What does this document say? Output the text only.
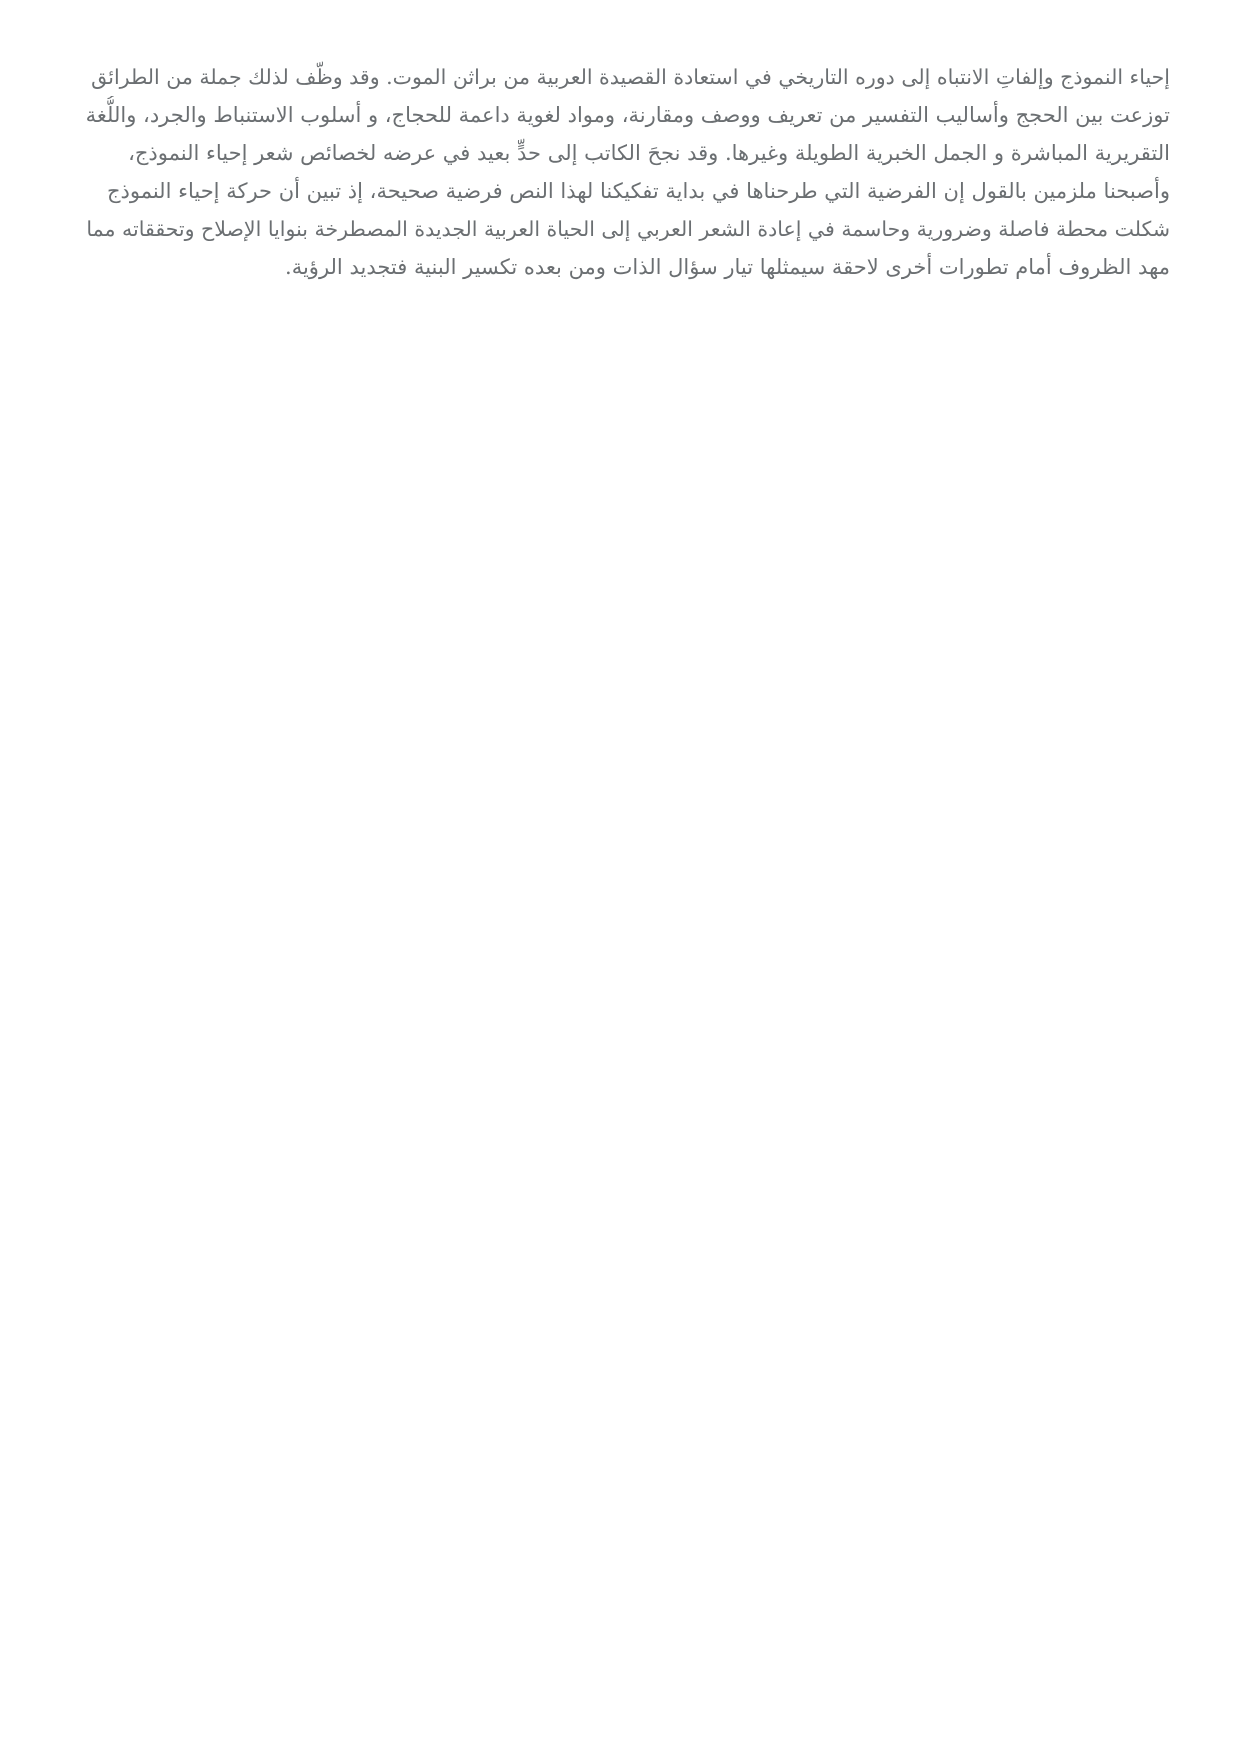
إحياء النموذج وإلفاتِ الانتباه إلى دوره التاريخي في استعادة القصيدة العربية من براثن الموت. وقد وظّف لذلك جملة من الطرائق
توزعت بين الحجج وأساليب التفسير من تعريف ووصف ومقارنة، ومواد لغوية داعمة للحجاج، و أسلوب الاستنباط والجرد، واللُّغة
التقريرية المباشرة و الجمل الخبرية الطويلة وغيرها. وقد نجحَ الكاتب إلى حدٍّ بعيد في عرضه لخصائص شعر إحياء النموذج،
وأصبحنا ملزمين بالقول إن الفرضية التي طرحناها في بداية تفكيكنا لهذا النص فرضية صحيحة، إذ تبين أن حركة إحياء النموذج
شكلت محطة فاصلة وضرورية وحاسمة في إعادة الشعر العربي إلى الحياة العربية الجديدة المصطرخة بنوايا الإصلاح وتحققاته مما
مهد الظروف أمام تطورات أخرى لاحقة سيمثلها تيار سؤال الذات ومن بعده تكسير البنية فتجديد الرؤية.
